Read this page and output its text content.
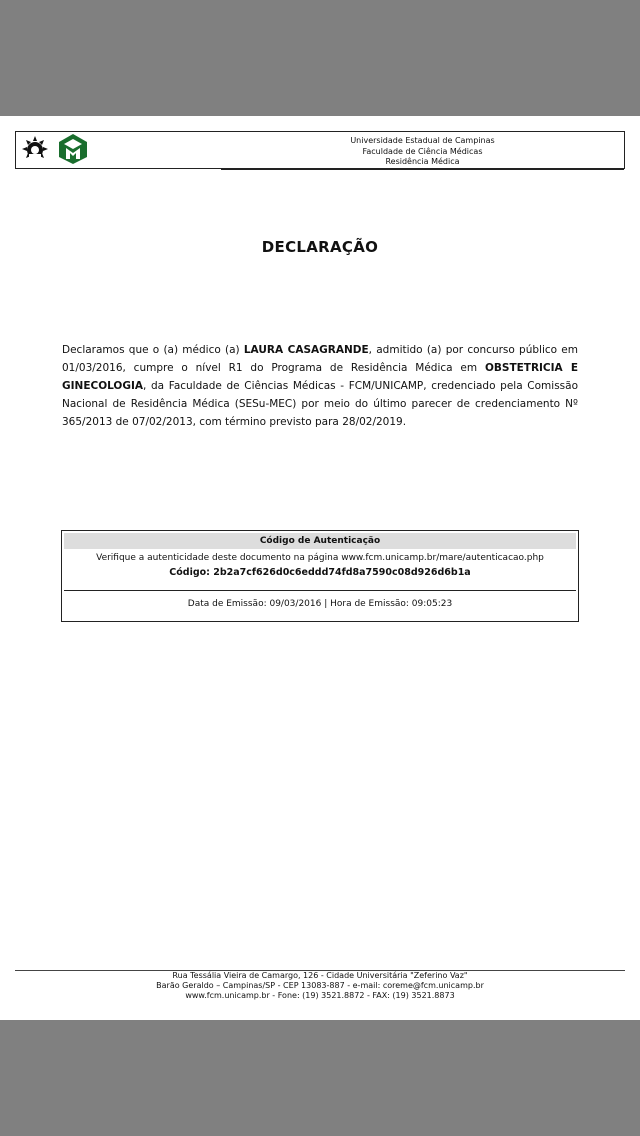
Universidade Estadual de Campinas
Faculdade de Ciência Médicas
Residência Médica
DECLARAÇÃO
Declaramos que o (a) médico (a) LAURA CASAGRANDE, admitido (a) por concurso público em 01/03/2016, cumpre o nível R1 do Programa de Residência Médica em OBSTETRICIA E GINECOLOGIA, da Faculdade de Ciências Médicas - FCM/UNICAMP, credenciado pela Comissão Nacional de Residência Médica (SESu-MEC) por meio do último parecer de credenciamento Nº 365/2013 de 07/02/2013, com término previsto para 28/02/2019.
Código de Autenticação
Verifique a autenticidade deste documento na página www.fcm.unicamp.br/mare/autenticacao.php
Código: 2b2a7cf626d0c6eddd74fd8a7590c08d926d6b1a
Data de Emissão: 09/03/2016 | Hora de Emissão: 09:05:23
Rua Tessália Vieira de Camargo, 126 - Cidade Universitária "Zeferino Vaz"
Barão Geraldo – Campinas/SP - CEP 13083-887 - e-mail: coreme@fcm.unicamp.br
www.fcm.unicamp.br - Fone: (19) 3521.8872 - FAX: (19) 3521.8873
